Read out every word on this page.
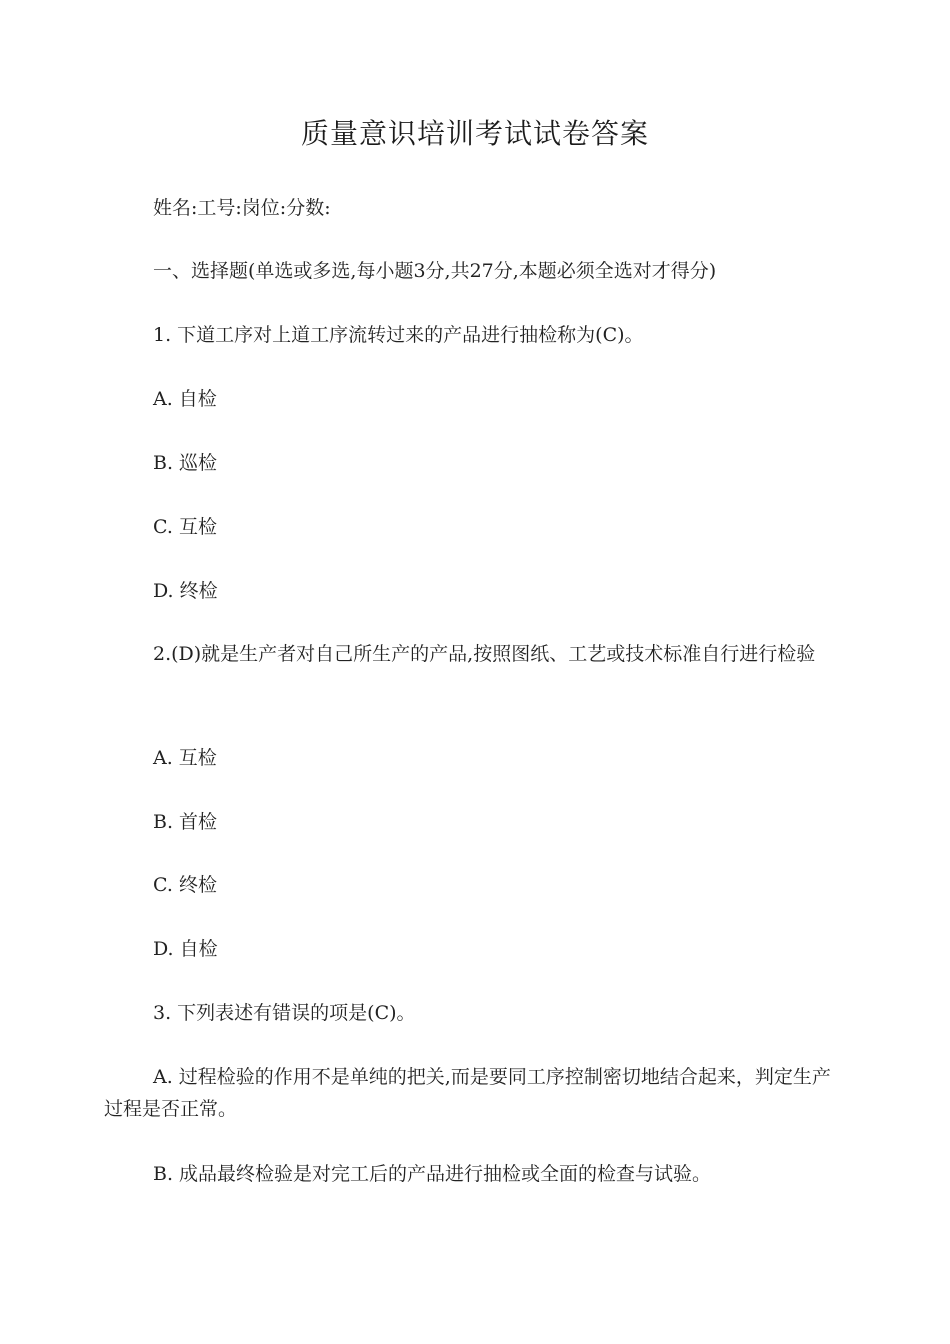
质量意识培训考试试卷答案
姓名:工号:岗位:分数:
一、选择题(单选或多选,每小题3分,共27分,本题必须全选对才得分)
1. 下道工序对上道工序流转过来的产品进行抽检称为(C)。
A. 自检
B. 巡检
C. 互检
D. 终检
2.(D)就是生产者对自己所生产的产品,按照图纸、工艺或技术标准自行进行检验
A. 互检
B. 首检
C. 终检
D. 自检
3. 下列表述有错误的项是(C)。
A. 过程检验的作用不是单纯的把关,而是要同工序控制密切地结合起来，判定生产过程是否正常。
B. 成品最终检验是对完工后的产品进行抽检或全面的检查与试验。
